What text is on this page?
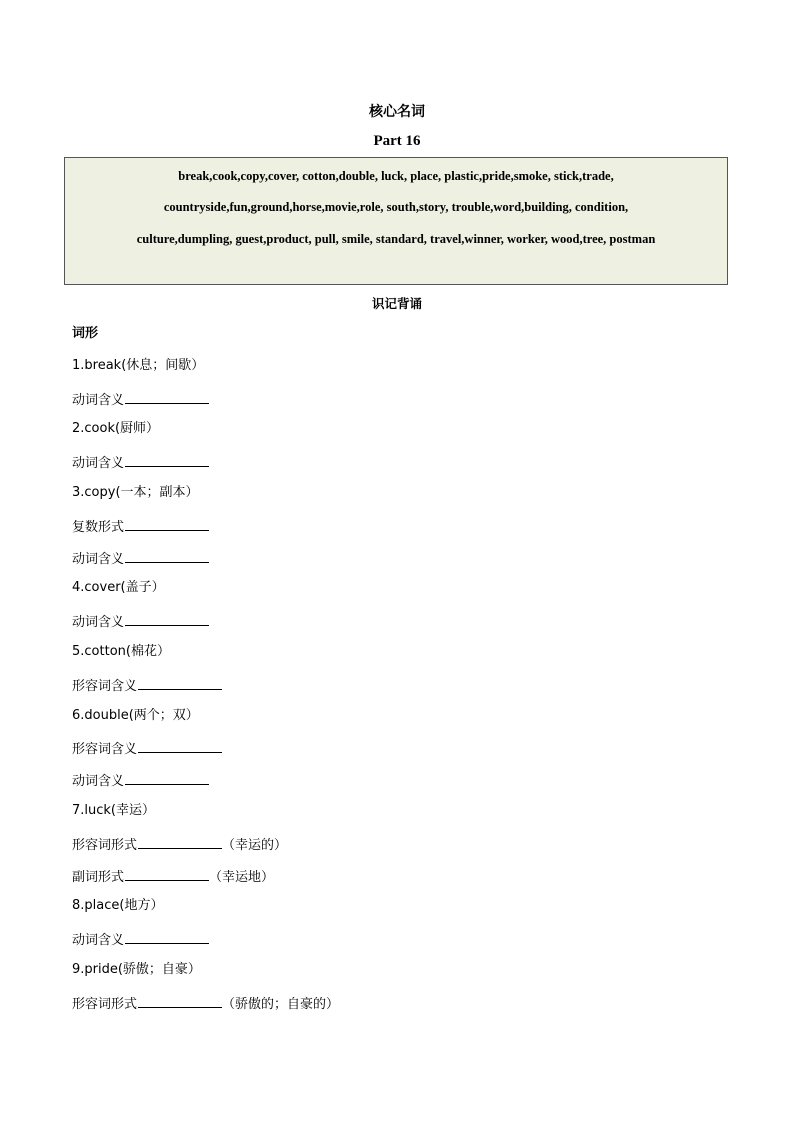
核心名词
Part 16
break,cook,copy,cover, cotton,double, luck, place, plastic,pride,smoke, stick,trade,
countryside,fun,ground,horse,movie,role, south,story, trouble,word,building, condition,
culture,dumpling, guest,product, pull, smile, standard, travel,winner, worker, wood,tree, postman
识记背诵
词形
1.break(休息；间歇）
动词含义
2.cook(厨师）
动词含义
3.copy(一本；副本）
复数形式
动词含义
4.cover(盖子）
动词含义
5.cotton(棉花）
形容词含义
6.double(两个；双）
形容词含义
动词含义
7.luck(幸运）
形容词形式	（幸运的）
副词形式	（幸运地）
8.place(地方）
动词含义
9.pride(骄傲；自豪）
形容词形式	（骄傲的；自豪的）
